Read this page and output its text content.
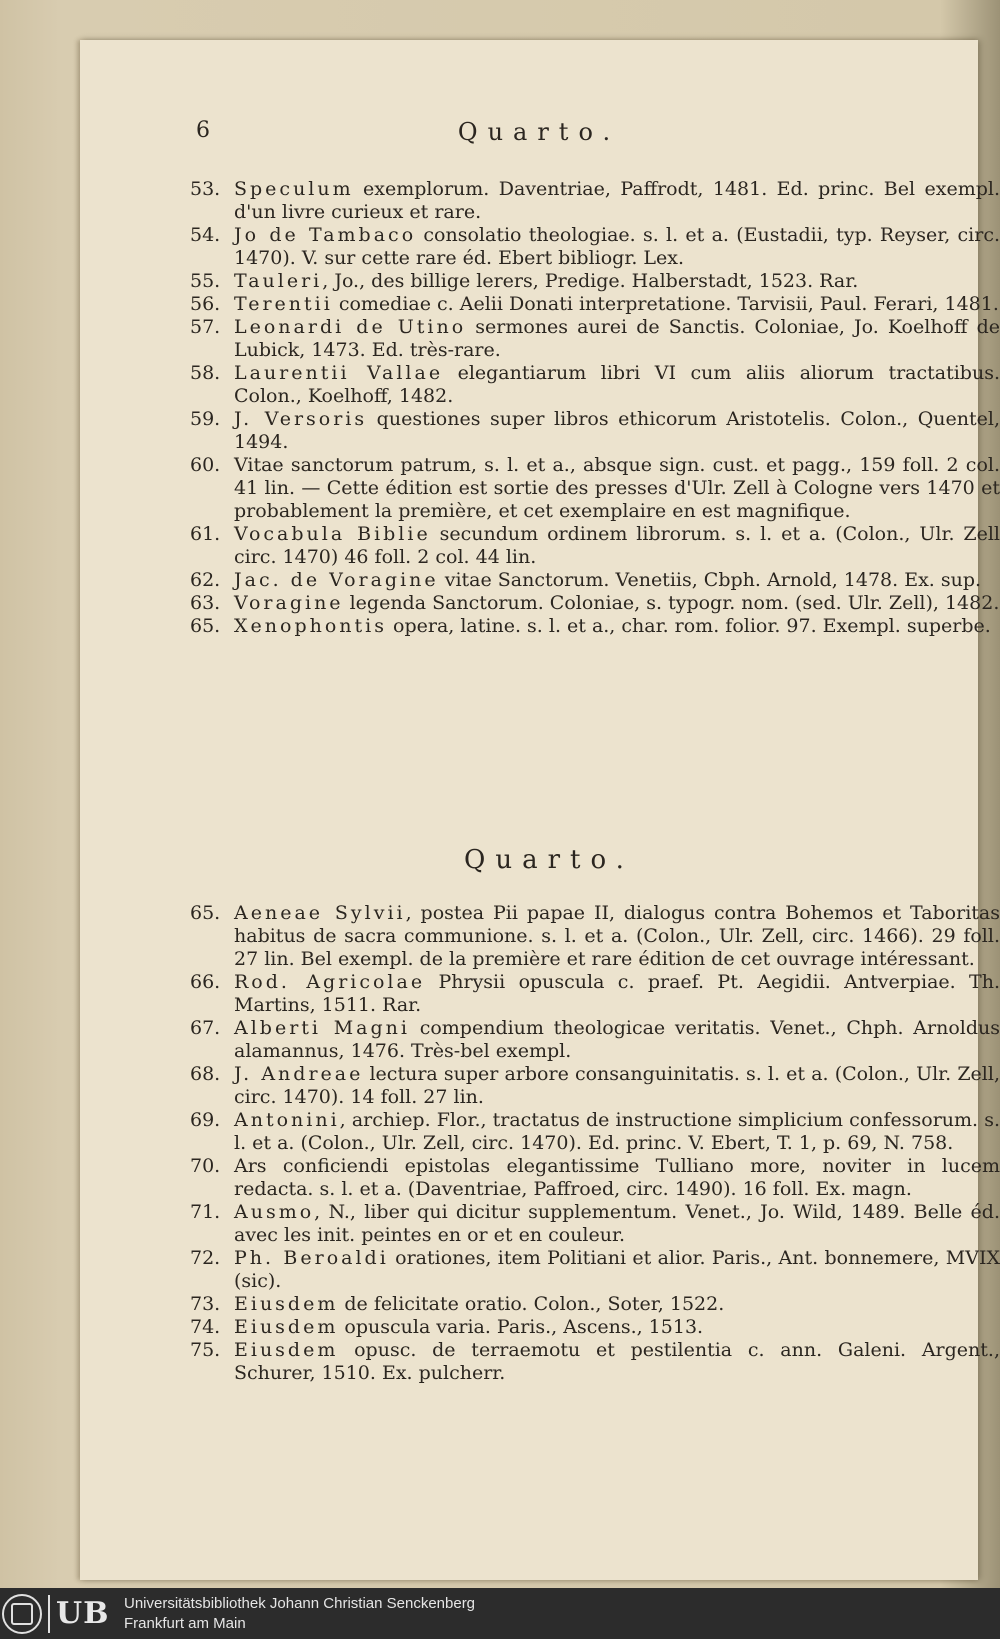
6	Quarto.
53. Speculum exemplorum. Daventriae, Paffrodt, 1481. Ed. princ. Bel exempl. d'un livre curieux et rare.
54. Jo de Tambaco consolatio theologiae. s. l. et a. (Eustadii, typ. Reyser, circ. 1470). V. sur cette rare éd. Ebert bibliogr. Lex.
55. Tauleri, Jo., des billige lerers, Predige. Halberstadt, 1523. Rar.
56. Terentii comediae c. Aelii Donati interpretatione. Tarvisii, Paul. Ferari, 1481.
57. Leonardi de Utino sermones aurei de Sanctis. Coloniae, Jo. Koelhoff de Lubick, 1473. Ed. très-rare.
58. Laurentii Vallae elegantiarum libri VI cum aliis aliorum tractatibus. Colon., Koelhoff, 1482.
59. J. Versoris questiones super libros ethicorum Aristotelis. Colon., Quentel, 1494.
60. Vitae sanctorum patrum, s. l. et a., absque sign. cust. et pagg., 159 foll. 2 col. 41 lin. — Cette édition est sortie des presses d'Ulr. Zell à Cologne vers 1470 et probablement la première, et cet exemplaire en est magnifique.
61. Vocabula Biblie secundum ordinem librorum. s. l. et a. (Colon., Ulr. Zell circ. 1470) 46 foll. 2 col. 44 lin.
62. Jac. de Voragine vitae Sanctorum. Venetiis, Cbph. Arnold, 1478. Ex. sup.
63. Voragine legenda Sanctorum. Coloniae, s. typogr. nom. (sed. Ulr. Zell), 1482.
65. Xenophontis opera, latine. s. l. et a., char. rom. folior. 97. Exempl. superbe.
Quarto.
65. Aeneae Sylvii, postea Pii papae II, dialogus contra Bohemos et Taboritas habitus de sacra communione. s. l. et a. (Colon., Ulr. Zell, circ. 1466). 29 foll. 27 lin. Bel exempl. de la première et rare édition de cet ouvrage intéressant.
66. Rod. Agricolae Phrysii opuscula c. praef. Pt. Aegidii. Antverpiae. Th. Martins, 1511. Rar.
67. Alberti Magni compendium theologicae veritatis. Venet., Chph. Arnoldus alamannus, 1476. Très-bel exempl.
68. J. Andreae lectura super arbore consanguinitatis. s. l. et a. (Colon., Ulr. Zell, circ. 1470). 14 foll. 27 lin.
69. Antonini, archiep. Flor., tractatus de instructione simplicium confessorum. s. l. et a. (Colon., Ulr. Zell, circ. 1470). Ed. princ. V. Ebert, T. 1, p. 69, N. 758.
70. Ars conficiendi epistolas elegantissime Tulliano more, noviter in lucem redacta. s. l. et a. (Daventriae, Paffroed, circ. 1490). 16 foll. Ex. magn.
71. Ausmo, N., liber qui dicitur supplementum. Venet., Jo. Wild, 1489. Belle éd. avec les init. peintes en or et en couleur.
72. Ph. Beroaldi orationes, item Politiani et alior. Paris., Ant. bonnemere, MVIX (sic).
73. Eiusdem de felicitate oratio. Colon., Soter, 1522.
74. Eiusdem opuscula varia. Paris., Ascens., 1513.
75. Eiusdem opusc. de terraemotu et pestilentia c. ann. Galeni. Argent., Schurer, 1510. Ex. pulcherr.
UB Universitätsbibliothek Johann Christian Senckenberg
Frankfurt am Main
